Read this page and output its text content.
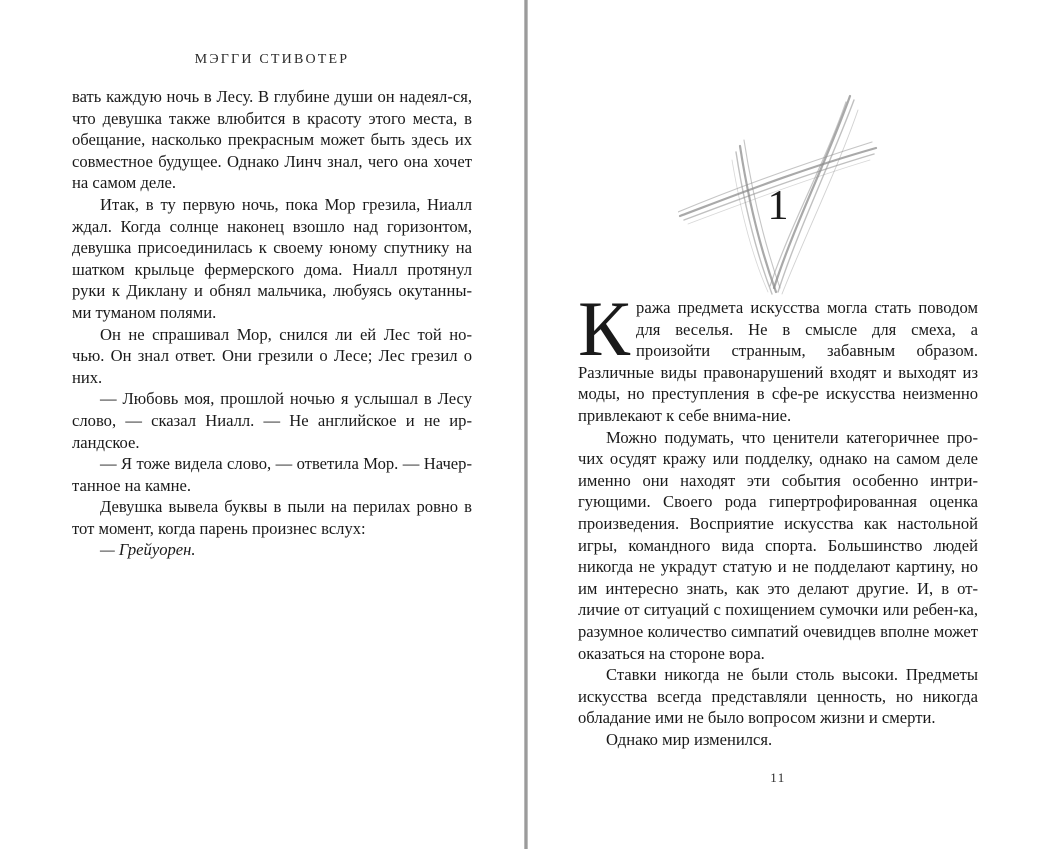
МЭГГИ СТИВОТЕР

вать каждую ночь в Лесу. В глубине души он надеял-ся, что девушка также влюбится в красоту этого места, в обещание, насколько прекрасным может быть здесь их совместное будущее. Однако Линч знал, чего она хочет на самом деле.

Итак, в ту первую ночь, пока Мор грезила, Ниалл ждал. Когда солнце наконец взошло над горизонтом, девушка присоединилась к своему юному спутнику на шатком крыльце фермерского дома. Ниалл протянул руки к Диклану и обнял мальчика, любуясь окутанны-ми туманом полями.

Он не спрашивал Мор, снился ли ей Лес той но-чью. Он знал ответ. Они грезили о Лесе; Лес грезил о них.

— Любовь моя, прошлой ночью я услышал в Лесу слово, — сказал Ниалл. — Не английское и не ир-ландское.

— Я тоже видела слово, — ответила Мор. — Начер-танное на камне.

Девушка вывела буквы в пыли на перилах ровно в тот момент, когда парень произнес вслух:

— Грейуорен.

1

Кража предмета искусства могла стать поводом для веселья. Не в смысле для смеха, а произойти странным, забавным образом. Различные виды правонарушений входят и выходят из моды, но преступления в сфе-ре искусства неизменно привлекают к себе внима-ние.

Можно подумать, что ценители категоричнее про-чих осудят кражу или подделку, однако на самом деле именно они находят эти события особенно интри-гующими. Своего рода гипертрофированная оценка произведения. Восприятие искусства как настольной игры, командного вида спорта. Большинство людей никогда не украдут статую и не подделают картину, но им интересно знать, как это делают другие. И, в от-личие от ситуаций с похищением сумочки или ребен-ка, разумное количество симпатий очевидцев вполне может оказаться на стороне вора.

Ставки никогда не были столь высоки. Предметы искусства всегда представляли ценность, но никогда обладание ими не было вопросом жизни и смерти.

Однако мир изменился.

11
